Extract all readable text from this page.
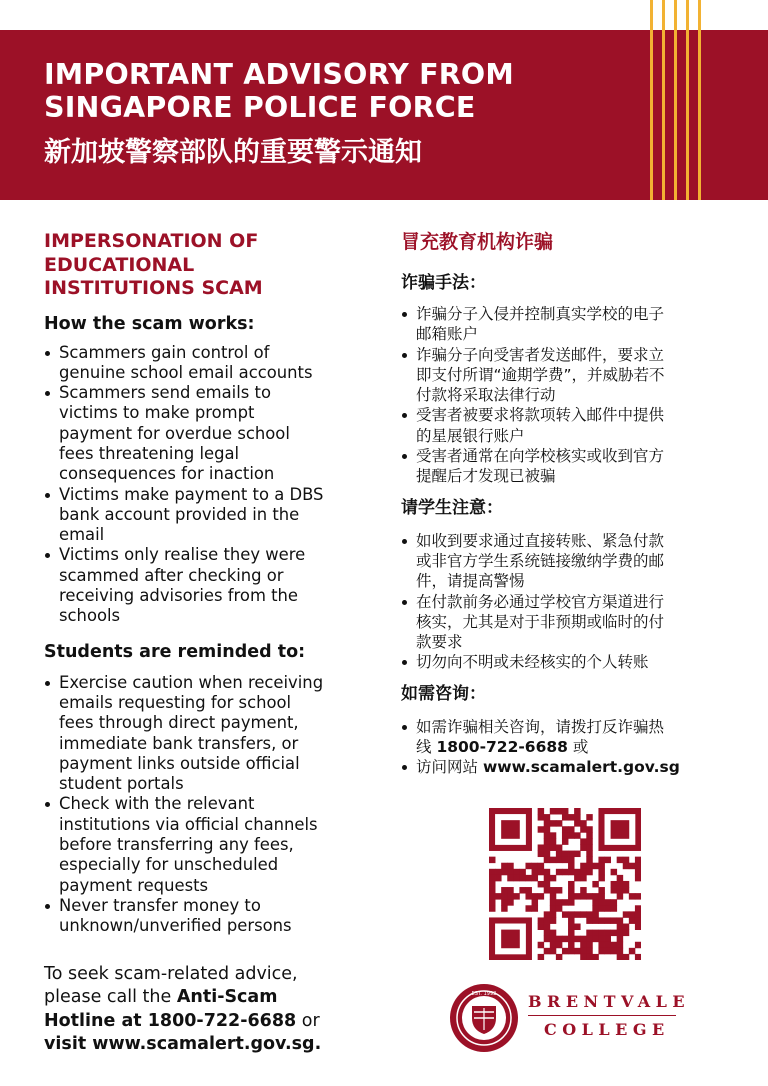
IMPORTANT ADVISORY FROM
SINGAPORE POLICE FORCE
新加坡警察部队的重要警示通知
IMPERSONATION OF
EDUCATIONAL
INSTITUTIONS SCAM
How the scam works:
Scammers gain control of
genuine school email accounts
Scammers send emails to
victims to make prompt
payment for overdue school
fees threatening legal
consequences for inaction
Victims make payment to a DBS
bank account provided in the
email
Victims only realise they were
scammed after checking or
receiving advisories from the
schools
Students are reminded to:
Exercise caution when receiving
emails requesting for school
fees through direct payment,
immediate bank transfers, or
payment links outside official
student portals
Check with the relevant
institutions via official channels
before transferring any fees,
especially for unscheduled
payment requests
Never transfer money to
unknown/unverified persons
To seek scam-related advice,
please call the Anti-Scam
Hotline at 1800-722-6688 or
visit www.scamalert.gov.sg.
冒充教育机构诈骗
诈骗手法：
诈骗分子入侵并控制真实学校的电子
邮箱账户
诈骗分子向受害者发送邮件，要求立
即支付所谓“逾期学费”，并威胁若不
付款将采取法律行动
受害者被要求将款项转入邮件中提供
的星展银行账户
受害者通常在向学校核实或收到官方
提醒后才发现已被骗
请学生注意：
如收到要求通过直接转账、紧急付款
或非官方学生系统链接缴纳学费的邮
件，请提高警惕
在付款前务必通过学校官方渠道进行
核实，尤其是对于非预期或临时的付
款要求
切勿向不明或未经核实的个人转账
如需咨询：
如需诈骗相关咨询，请拨打反诈骗热
线 1800-722-6688 或
访问网站 www.scamalert.gov.sg
EST. 1992 BRENTVALE
COLLEGE
